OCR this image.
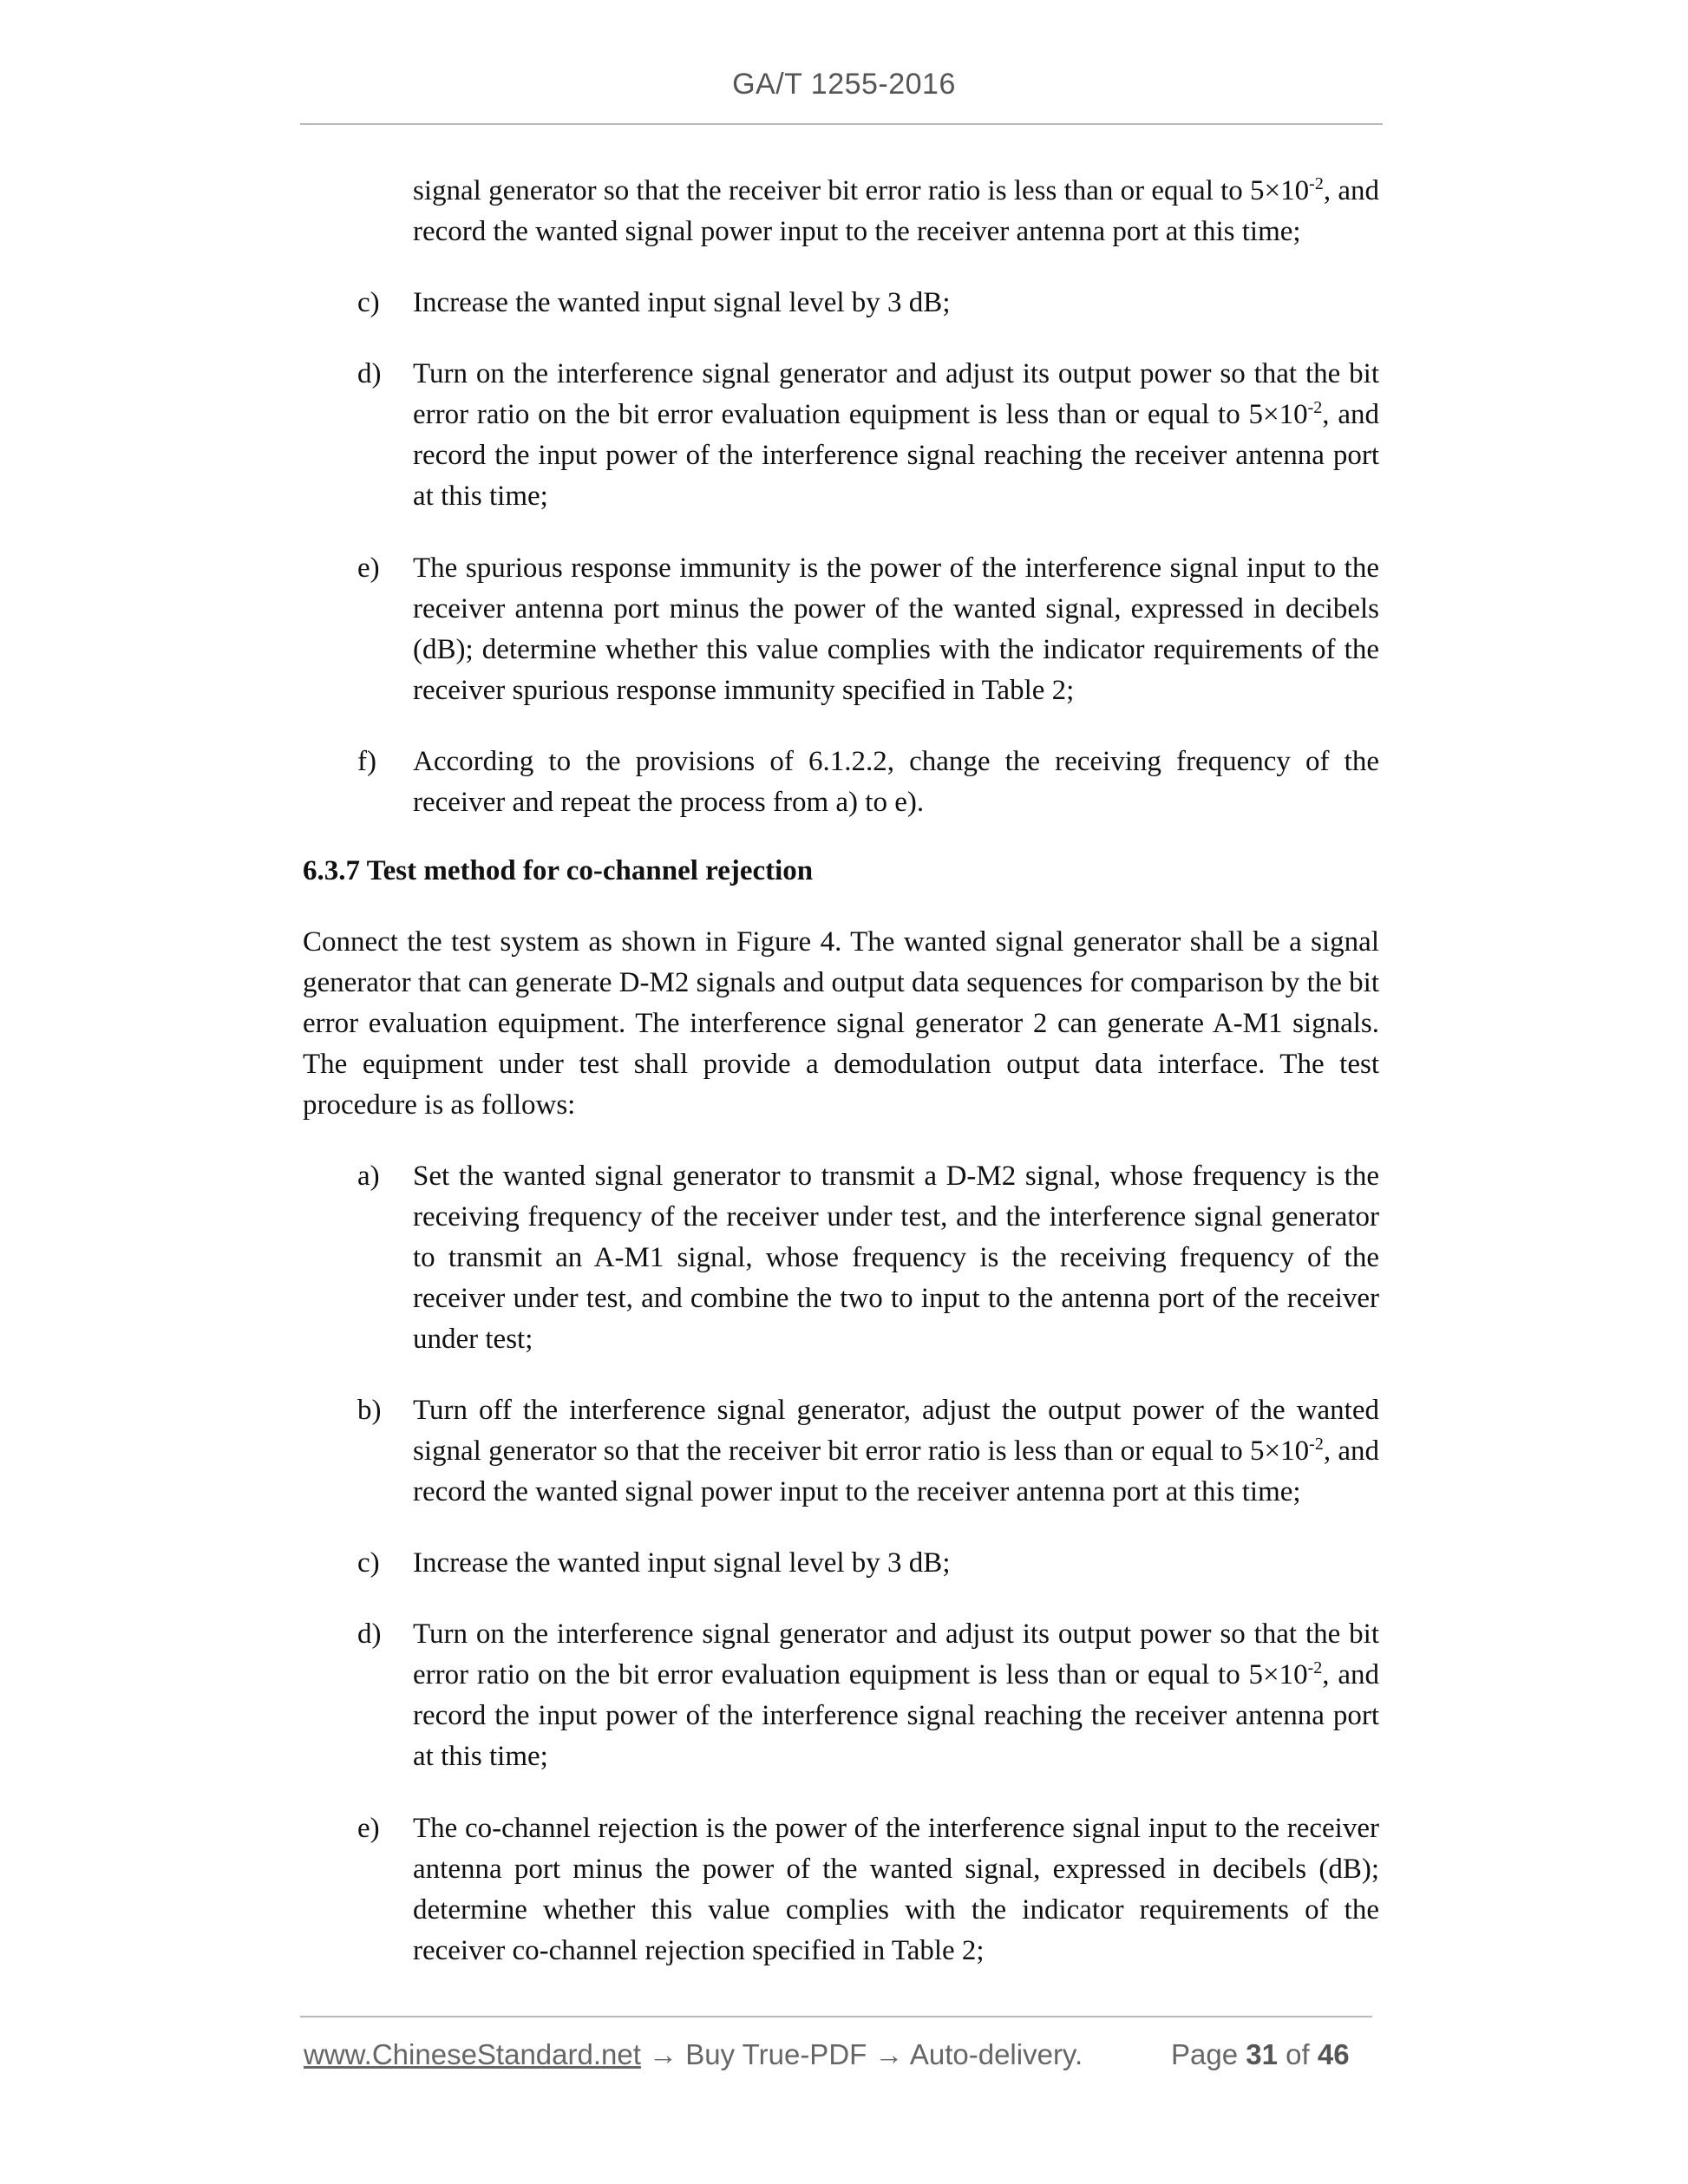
GA/T 1255-2016
signal generator so that the receiver bit error ratio is less than or equal to $5\times 10^{-2}$, and record the wanted signal power input to the receiver antenna port at this time;
c)	Increase the wanted input signal level by 3 dB;
d)	Turn on the interference signal generator and adjust its output power so that the bit error ratio on the bit error evaluation equipment is less than or equal to $5\times 10^{-2}$, and record the input power of the interference signal reaching the receiver antenna port at this time;
e)	The spurious response immunity is the power of the interference signal input to the receiver antenna port minus the power of the wanted signal, expressed in decibels (dB); determine whether this value complies with the indicator requirements of the receiver spurious response immunity specified in Table 2;
f)	According to the provisions of 6.1.2.2, change the receiving frequency of the receiver and repeat the process from a) to e).
6.3.7 Test method for co-channel rejection
Connect the test system as shown in Figure 4. The wanted signal generator shall be a signal generator that can generate D-M2 signals and output data sequences for comparison by the bit error evaluation equipment. The interference signal generator 2 can generate A-M1 signals. The equipment under test shall provide a demodulation output data interface. The test procedure is as follows:
a)	Set the wanted signal generator to transmit a D-M2 signal, whose frequency is the receiving frequency of the receiver under test, and the interference signal generator to transmit an A-M1 signal, whose frequency is the receiving frequency of the receiver under test, and combine the two to input to the antenna port of the receiver under test;
b)	Turn off the interference signal generator, adjust the output power of the wanted signal generator so that the receiver bit error ratio is less than or equal to $5\times 10^{-2}$, and record the wanted signal power input to the receiver antenna port at this time;
c)	Increase the wanted input signal level by 3 dB;
d)	Turn on the interference signal generator and adjust its output power so that the bit error ratio on the bit error evaluation equipment is less than or equal to $5\times 10^{-2}$, and record the input power of the interference signal reaching the receiver antenna port at this time;
e)	The co-channel rejection is the power of the interference signal input to the receiver antenna port minus the power of the wanted signal, expressed in decibels (dB); determine whether this value complies with the indicator requirements of the receiver co-channel rejection specified in Table 2;
www.ChineseStandard.net → Buy True-PDF → Auto-delivery.	Page 31 of 46
